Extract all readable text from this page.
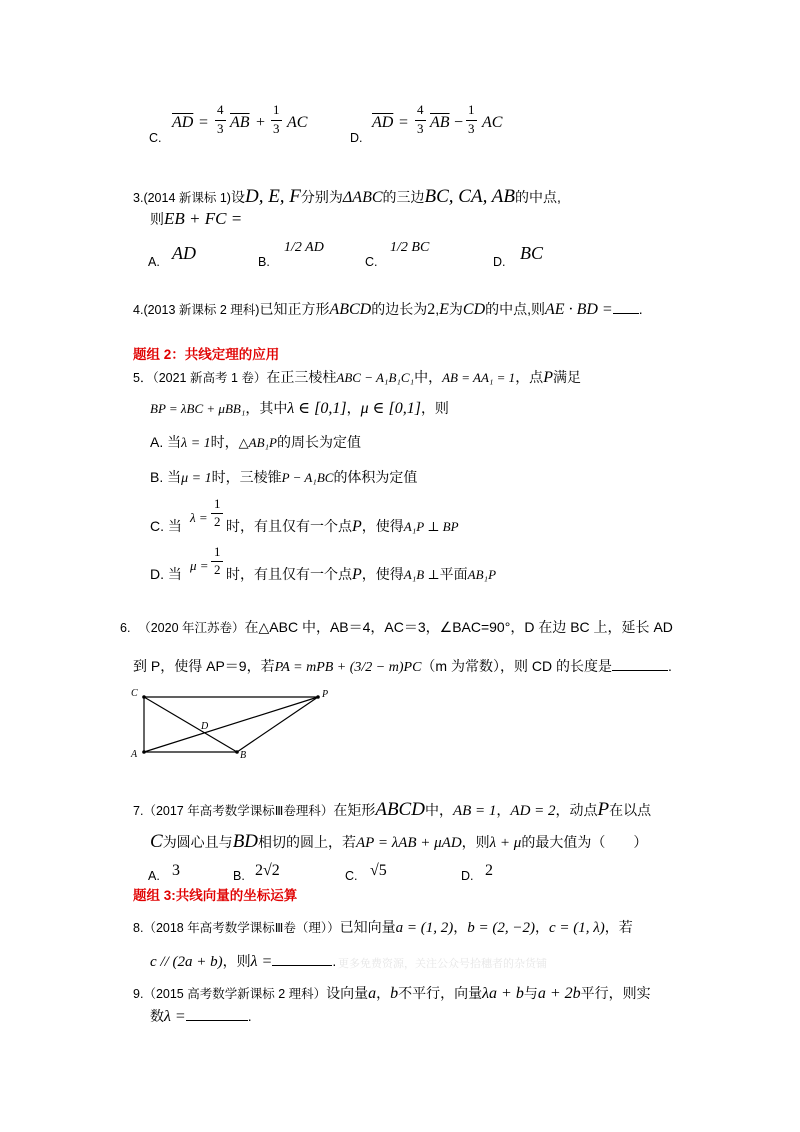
C.
$\overline{AD}$ =
4
3 $\overline{AB}$ +
1
3 AC
D.
$\overline{AD}$ =
4
3 $\overline{AB}$ −
1
3 AC
3.(2014 新课标 1)设D, E, F分别为ΔABC的三边BC, CA, AB的中点,
则EB + FC =
A. AD	B.
1/2 AD
C.
1/2 BC
D. BC
4.(2013 新课标 2 理科)已知正方形ABCD的边长为2,E为CD的中点,则AE · BD = .
题组 2：共线定理的应用
5．（2021 新高考 1 卷）在正三棱柱ABC − A₁B₁C₁中，AB = AA₁ = 1，点P满足
BP = λBC + μBB₁，其中λ ∈ [0,1]，μ ∈ [0,1]，则
A. 当λ = 1时，△AB₁P的周长为定值
B. 当μ = 1时，三棱锥P − A₁BC的体积为定值
C. 当
λ =
1
2 时，有且仅有一个点P，使得A₁P ⊥ BP
D. 当
μ =
1
2 时，有且仅有一个点P，使得A₁B ⊥平面AB₁P
6. （2020 年江苏卷）在△ABC 中，AB＝4，AC＝3，∠BAC=90°，D 在边 BC 上，延长 AD
到 P，使得 AP＝9，若PA = mPB + (3/2 − m)PC（m 为常数），则 CD 的长度是	.
C	P
D
A	B
7.（2017 年高考数学课标Ⅲ卷理科）在矩形ABCD中，AB = 1，AD = 2，动点P在以点
C为圆心且与BD相切的圆上，若AP = λAB + μAD，则λ + μ的最大值为（　　）
A. 3	B. 2√2	C. √5	D. 2
题组 3:共线向量的坐标运算
8.（2018 年高考数学课标Ⅲ卷（理））已知向量a = (1, 2)，b = (2, −2)，c = (1, λ)，若
c // (2a + b)，则λ =	. 更多免费资源，关注公众号拾穗者的杂货铺
9.（2015 高考数学新课标 2 理科）设向量a，b不平行，向量λa + b与a + 2b平行，则实
数λ =	.
